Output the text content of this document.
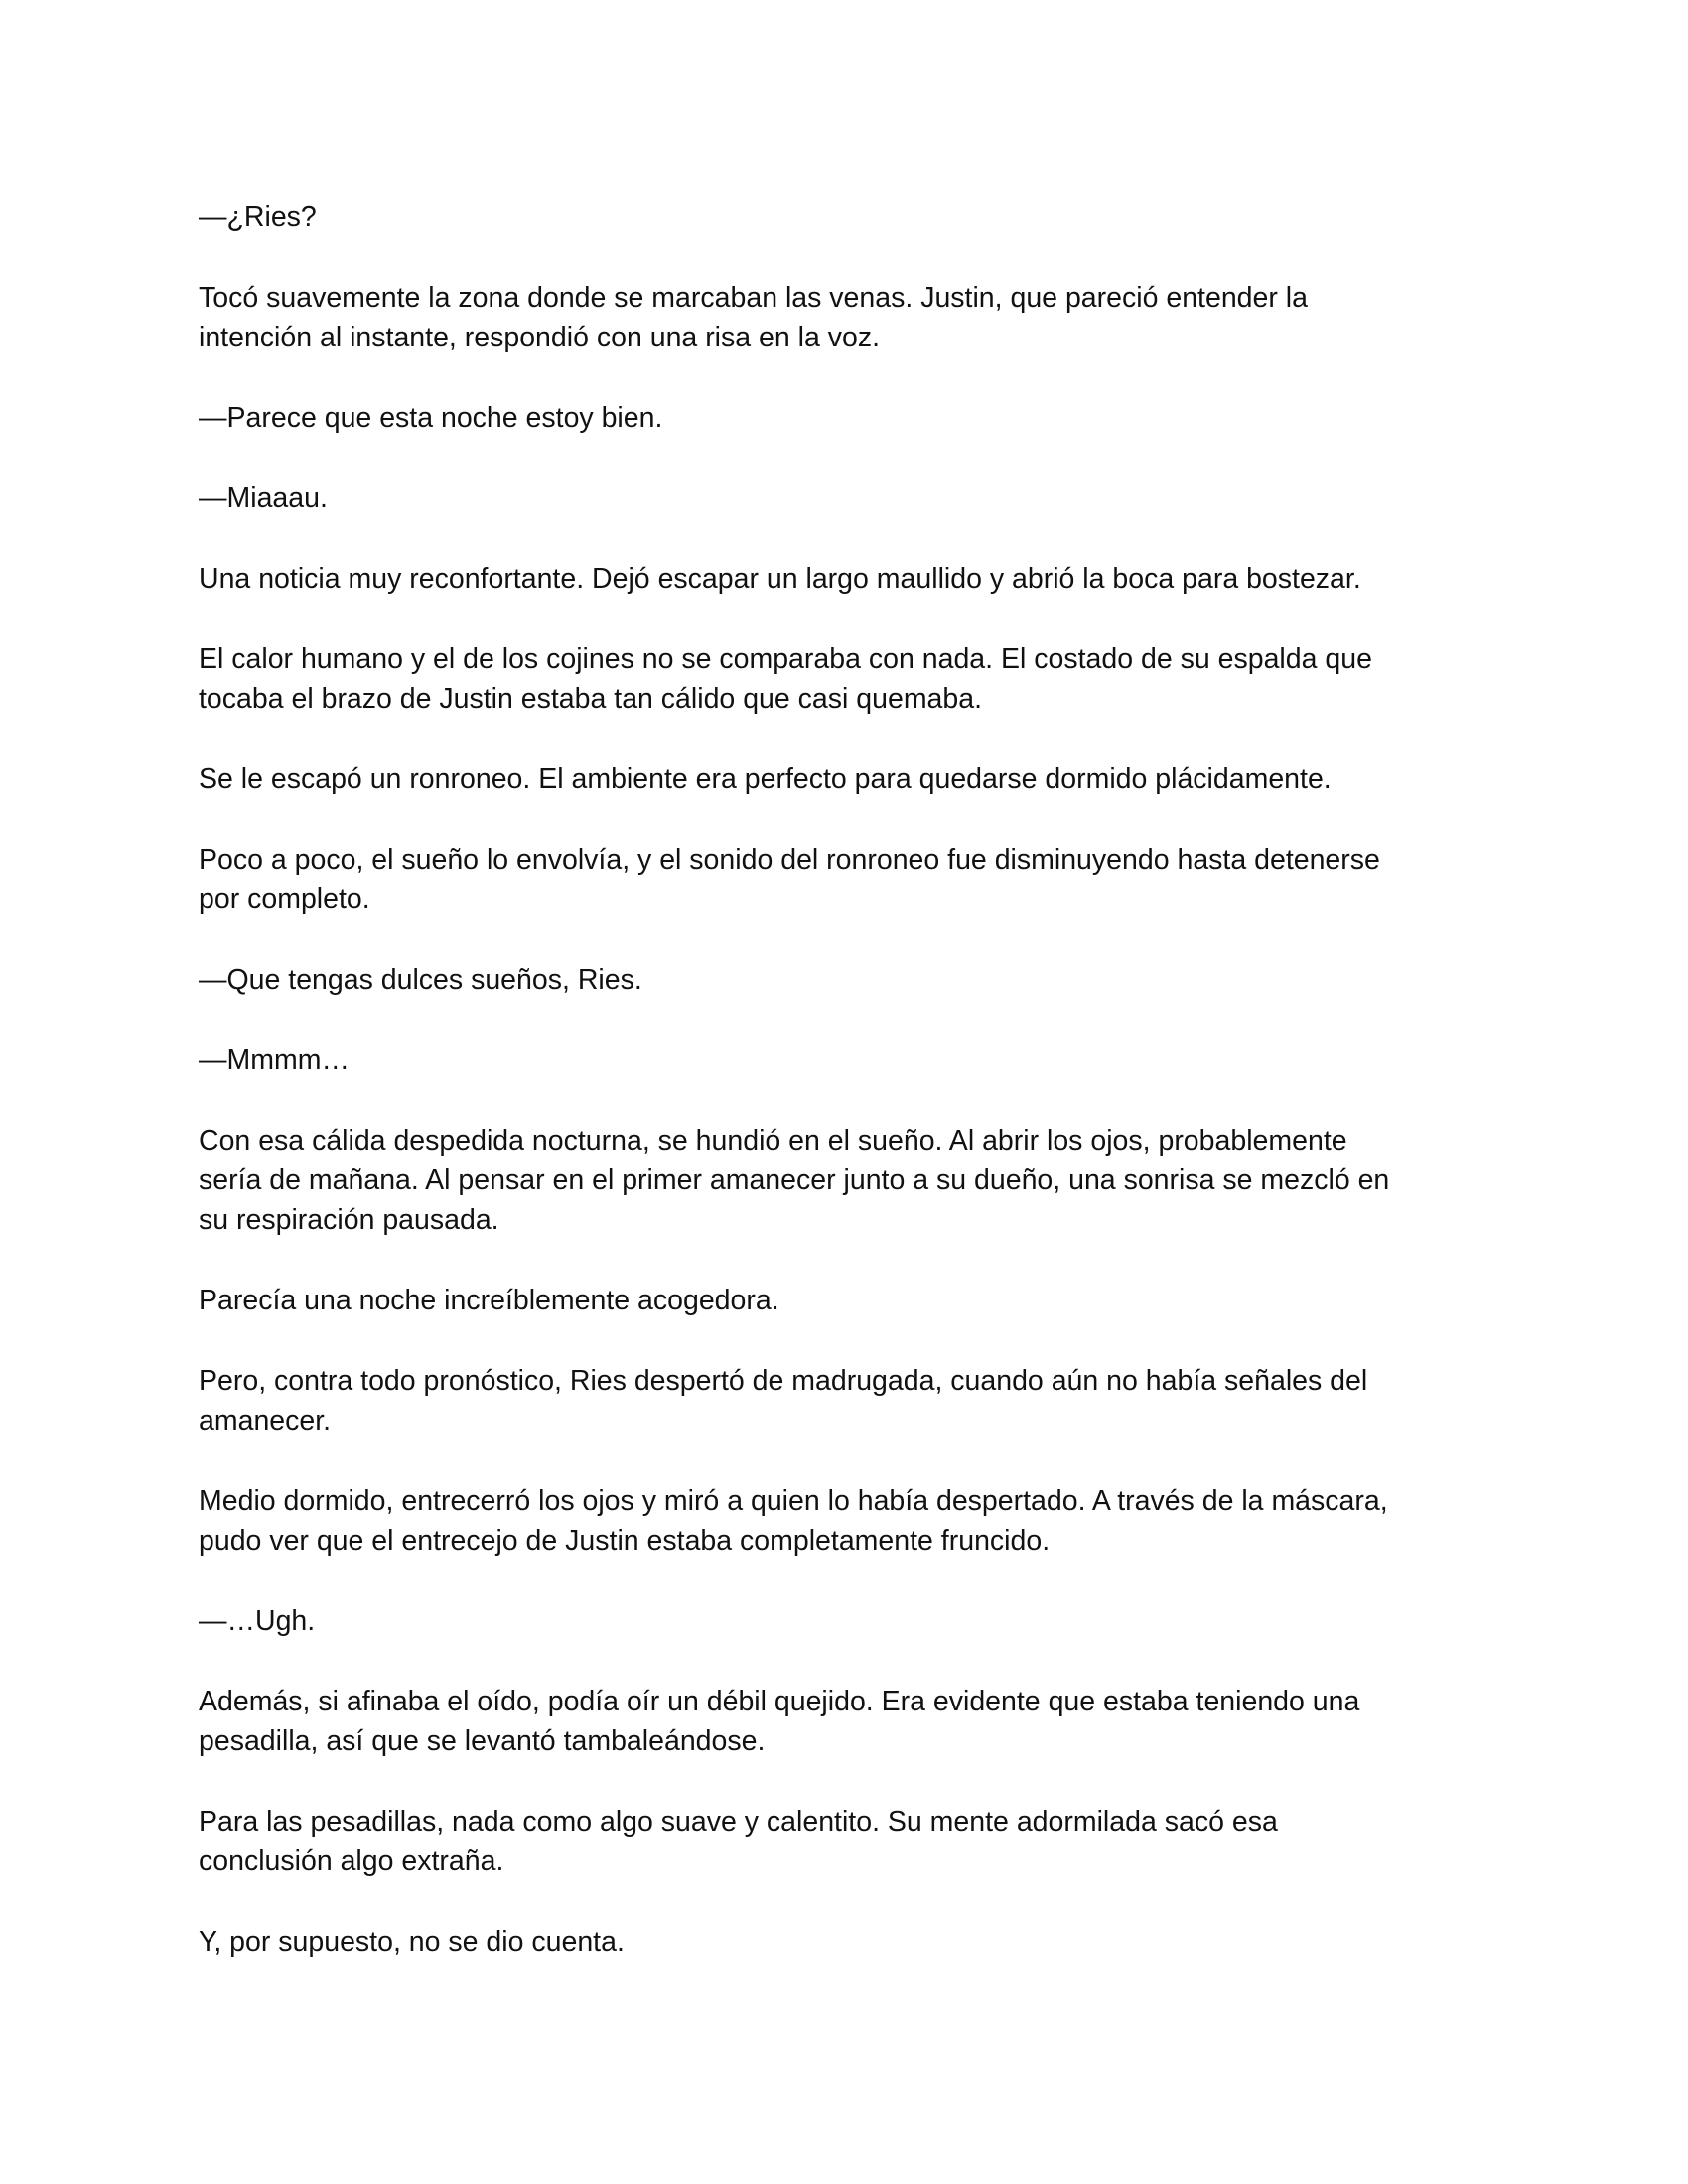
—¿Ries?

Tocó suavemente la zona donde se marcaban las venas. Justin, que pareció entender la
intención al instante, respondió con una risa en la voz.

—Parece que esta noche estoy bien.

—Miaaau.

Una noticia muy reconfortante. Dejó escapar un largo maullido y abrió la boca para bostezar.

El calor humano y el de los cojines no se comparaba con nada. El costado de su espalda que
tocaba el brazo de Justin estaba tan cálido que casi quemaba.

Se le escapó un ronroneo. El ambiente era perfecto para quedarse dormido plácidamente.

Poco a poco, el sueño lo envolvía, y el sonido del ronroneo fue disminuyendo hasta detenerse
por completo.

—Que tengas dulces sueños, Ries.

—Mmmm…

Con esa cálida despedida nocturna, se hundió en el sueño. Al abrir los ojos, probablemente
sería de mañana. Al pensar en el primer amanecer junto a su dueño, una sonrisa se mezcló en
su respiración pausada.

Parecía una noche increíblemente acogedora.

Pero, contra todo pronóstico, Ries despertó de madrugada, cuando aún no había señales del
amanecer.

Medio dormido, entrecerró los ojos y miró a quien lo había despertado. A través de la máscara,
pudo ver que el entrecejo de Justin estaba completamente fruncido.

—…Ugh.

Además, si afinaba el oído, podía oír un débil quejido. Era evidente que estaba teniendo una
pesadilla, así que se levantó tambaleándose.

Para las pesadillas, nada como algo suave y calentito. Su mente adormilada sacó esa
conclusión algo extraña.

Y, por supuesto, no se dio cuenta.
